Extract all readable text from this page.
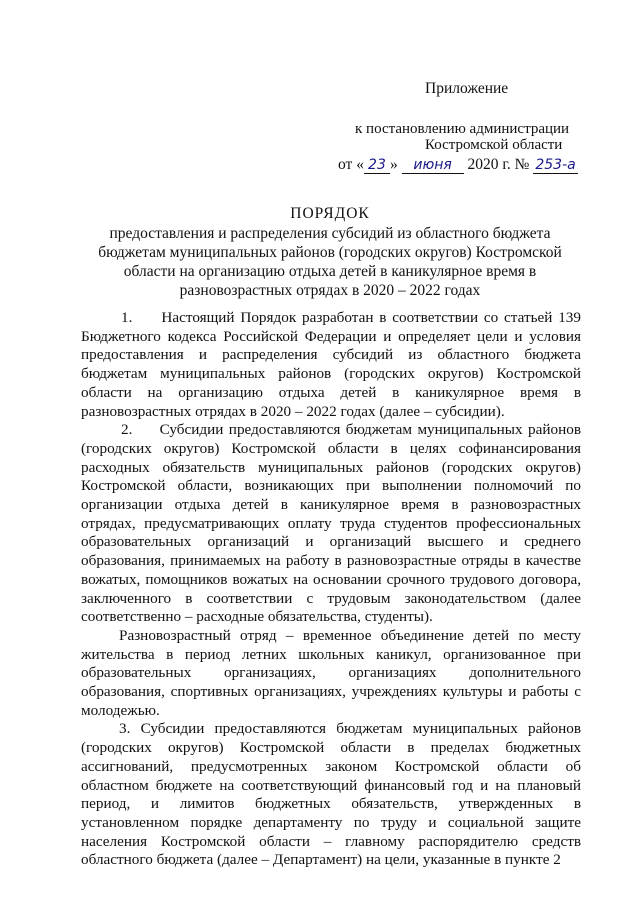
Приложение
к постановлению администрации
Костромской области
от « 23 » июня 2020 г. № 253-а
ПОРЯДОК
предоставления и распределения субсидий из областного бюджета
бюджетам муниципальных районов (городских округов) Костромской
области на организацию отдыха детей в каникулярное время в
разновозрастных отрядах в 2020 – 2022 годах

1.     Настоящий Порядок разработан в соответствии со статьей 139 Бюджетного кодекса Российской Федерации и определяет цели и условия предоставления и распределения субсидий из областного бюджета бюджетам муниципальных районов (городских округов) Костромской области на организацию отдыха детей в каникулярное время в разновозрастных отрядах в 2020 – 2022 годах (далее – субсидии).

2.     Субсидии предоставляются бюджетам муниципальных районов (городских округов) Костромской области в целях софинансирования расходных обязательств муниципальных районов (городских округов) Костромской области, возникающих при выполнении полномочий по организации отдыха детей в каникулярное время в разновозрастных отрядах, предусматривающих оплату труда студентов профессиональных образовательных организаций и организаций высшего и среднего образования, принимаемых на работу в разновозрастные отряды в качестве вожатых, помощников вожатых на основании срочного трудового договора, заключенного в соответствии с трудовым законодательством (далее соответственно – расходные обязательства, студенты).

Разновозрастный отряд – временное объединение детей по месту жительства в период летних школьных каникул, организованное при образовательных организациях, организациях дополнительного образования, спортивных организациях, учреждениях культуры и работы с молодежью.

3. Субсидии предоставляются бюджетам муниципальных районов (городских округов) Костромской области в пределах бюджетных ассигнований, предусмотренных законом Костромской области об областном бюджете на соответствующий финансовый год и на плановый период, и лимитов бюджетных обязательств, утвержденных в установленном порядке департаменту по труду и социальной защите населения Костромской области – главному распорядителю средств областного бюджета (далее – Департамент) на цели, указанные в пункте 2
